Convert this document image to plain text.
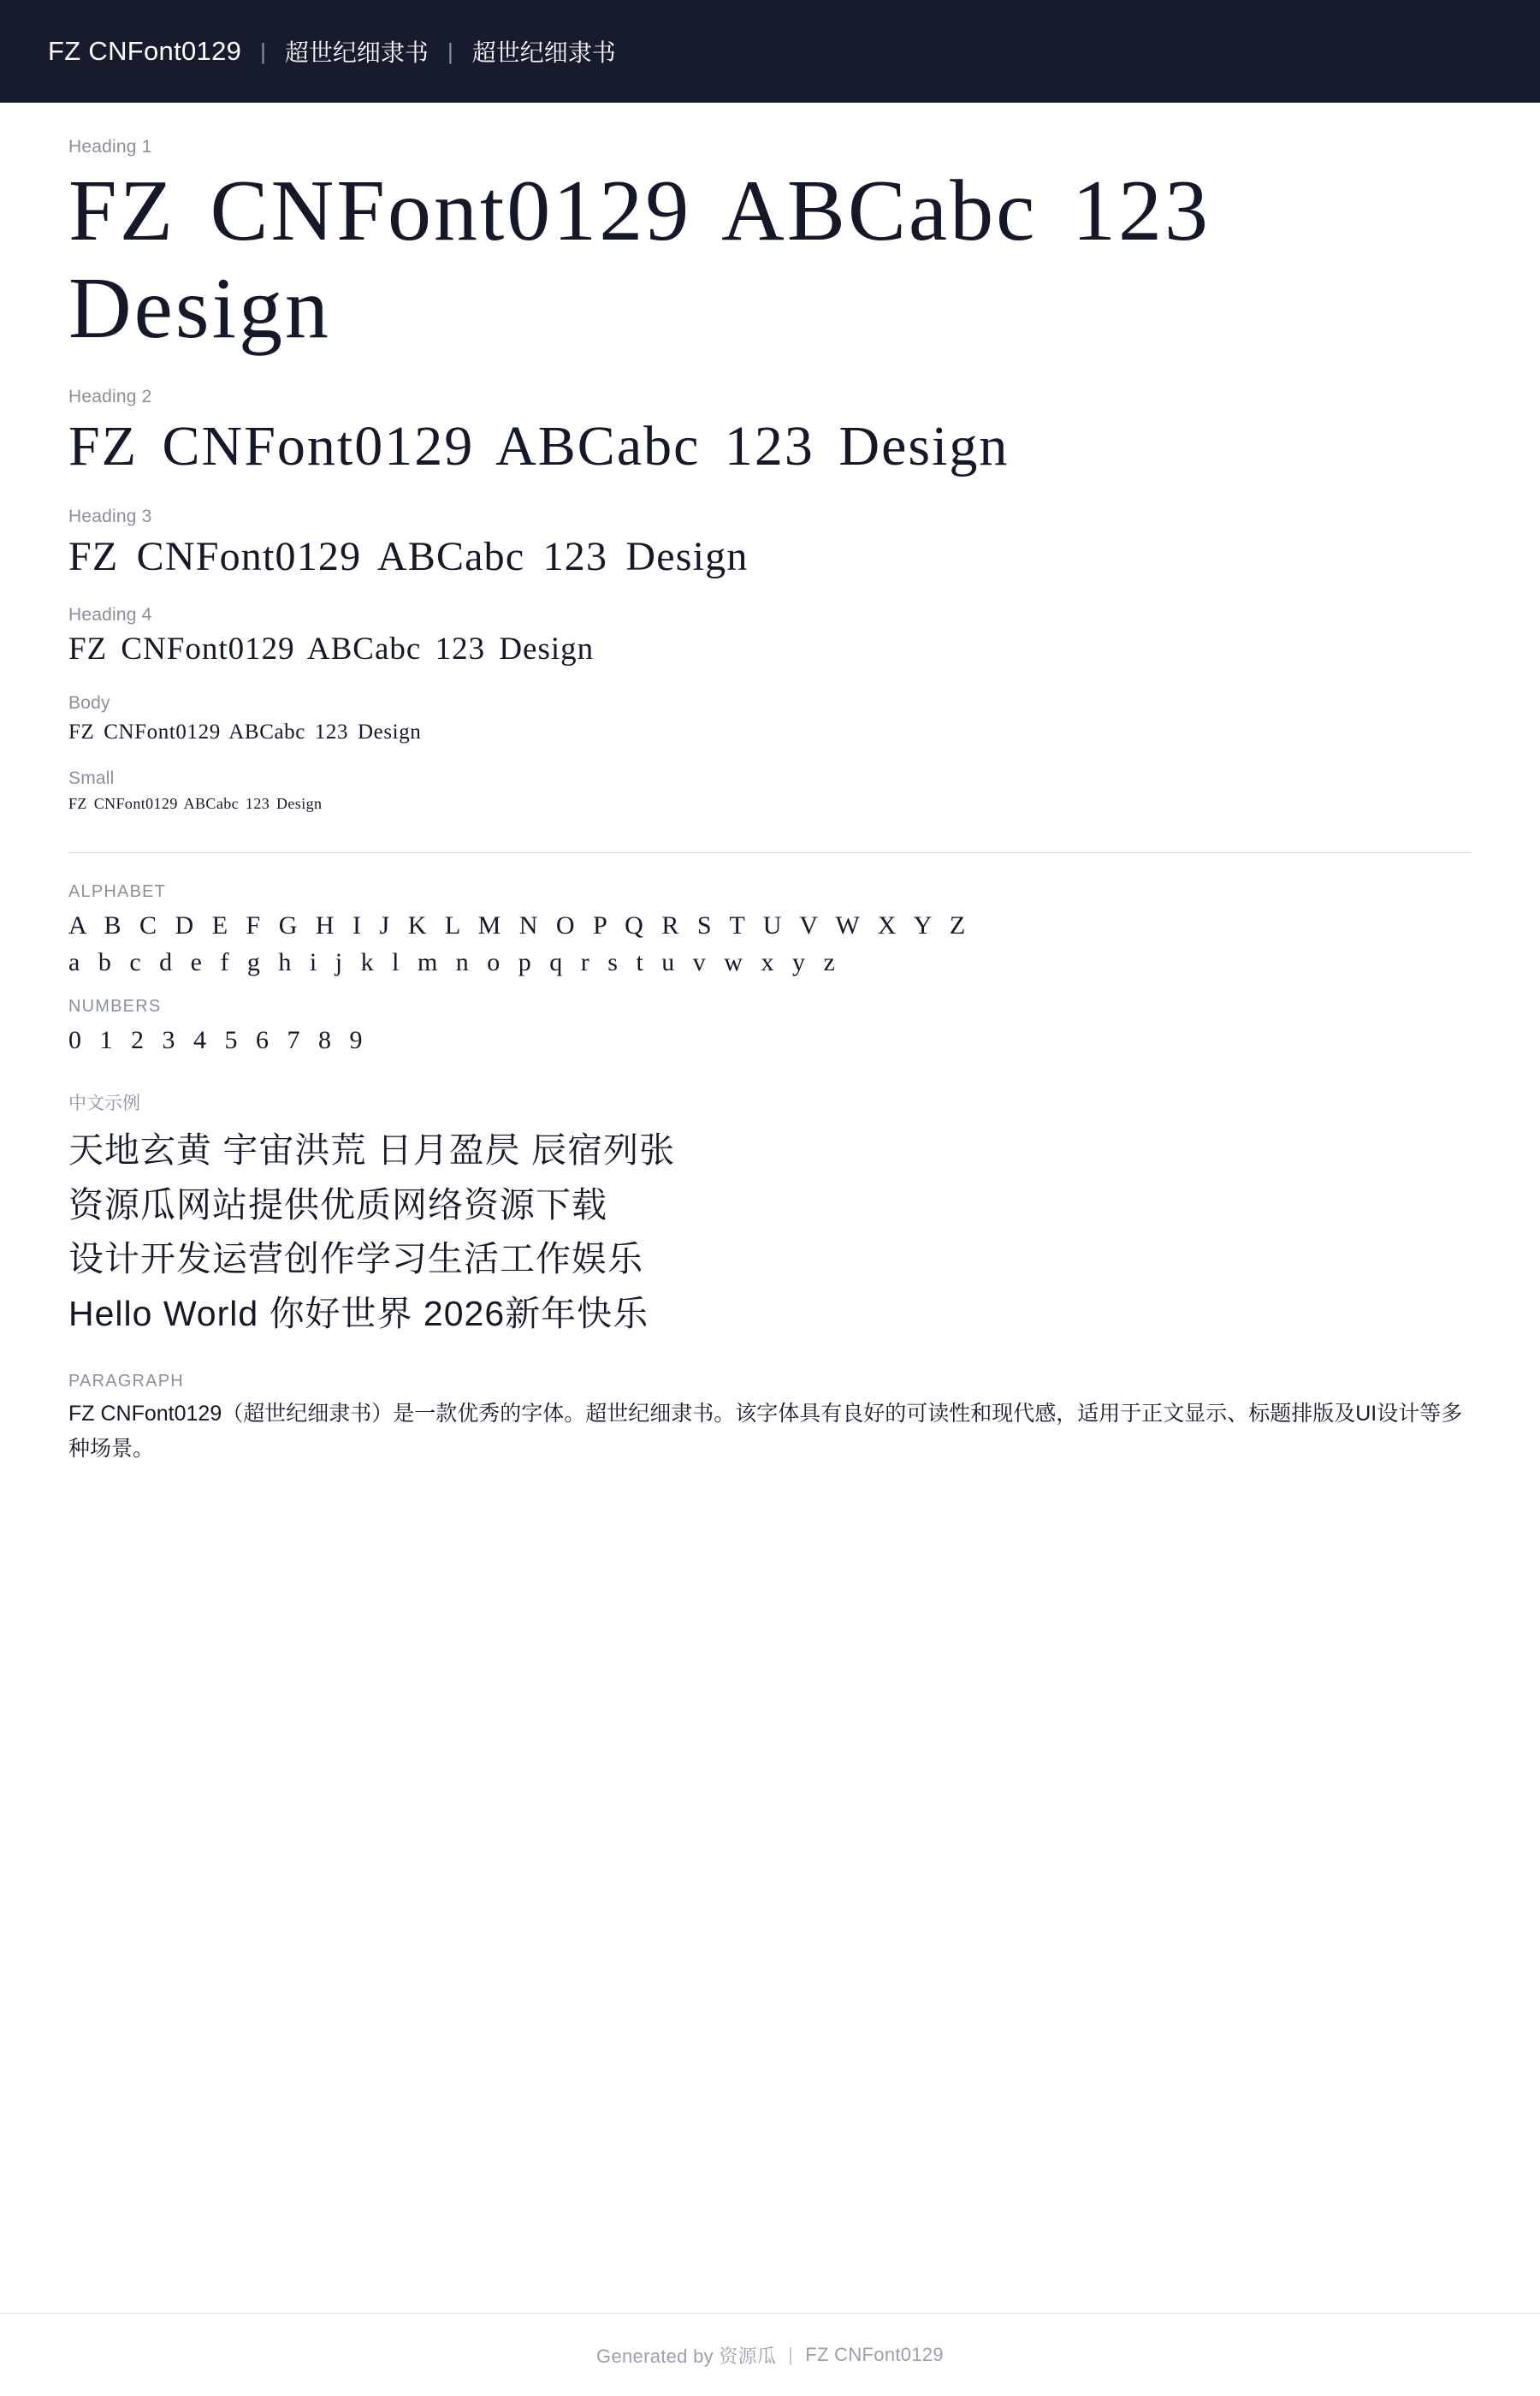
FZ CNFont0129 | 超世纪细隶书 | 超世纪细隶书
Heading 1
FZ CNFont0129 ABCabc 123 Design
Heading 2
FZ CNFont0129 ABCabc 123 Design
Heading 3
FZ CNFont0129 ABCabc 123 Design
Heading 4
FZ CNFont0129 ABCabc 123 Design
Body
FZ CNFont0129 ABCabc 123 Design
Small
FZ CNFont0129 ABCabc 123 Design
ALPHABET
A B C D E F G H I J K L M N O P Q R S T U V W X Y Z
a b c d e f g h i j k l m n o p q r s t u v w x y z
NUMBERS
0 1 2 3 4 5 6 7 8 9
中文示例
天地玄黄 宇宙洪荒 日月盈昃 辰宿列张
资源瓜网站提供优质网络资源下载
设计开发运营创作学习生活工作娱乐
Hello World 你好世界 2026新年快乐
PARAGRAPH

FZ CNFont0129（超世纪细隶书）是一款优秀的字体。超世纪细隶书。该字体具有良好的可读性和现代感，适用于正文显示、标题排版及UI设计等多种场景。

Generated by 资源瓜 | FZ CNFont0129
